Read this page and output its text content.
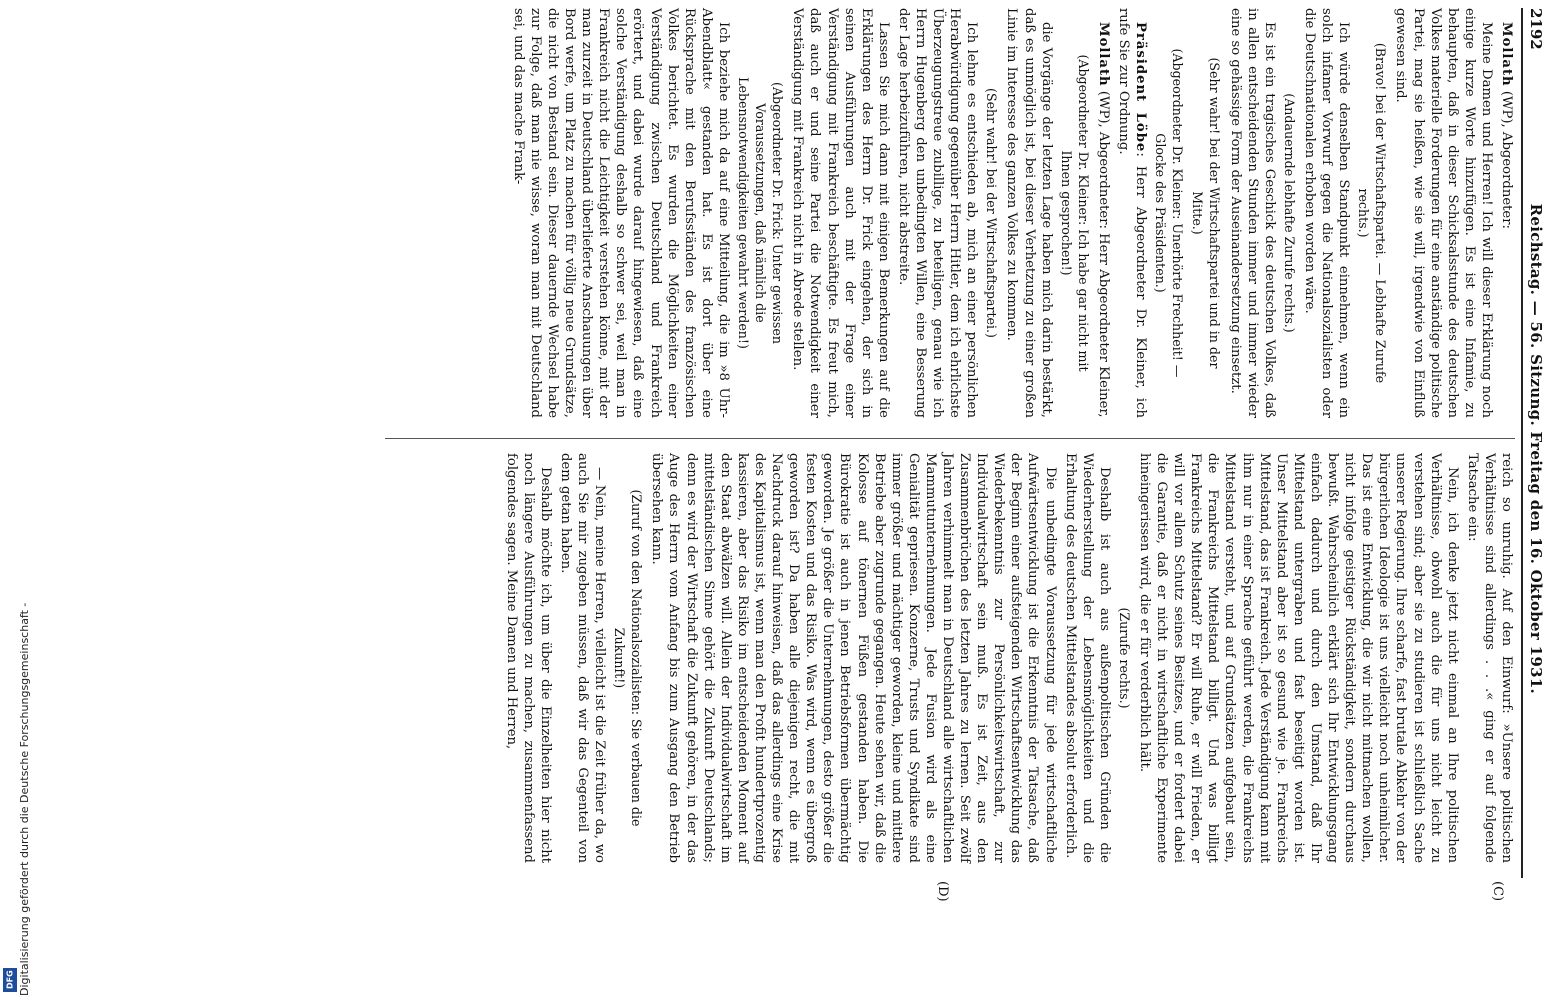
2192
Reichstag. — 56. Sitzung. Freitag den 16. Oktober 1931.
(C)
(D)

Mollath (WP), Abgeordneter:

Meine Damen und Herren! Ich will dieser Erklärung noch einige kurze Worte hinzufügen. Es ist eine Infamie, zu behaupten, daß in dieser Schicksalsstunde des deutschen Volkes materielle Forderungen für eine anständige politische Partei, mag sie heißen, wie sie will, irgendwie von Einfluß gewesen sind.

(Bravo! bei der Wirtschaftspartei. — Lebhafte Zurufe rechts.)

Ich würde denselben Standpunkt einnehmen, wenn ein solch infamer Vorwurf gegen die Nationalsozialisten oder die Deutschnationalen erhoben worden wäre.

(Andauernde lebhafte Zurufe rechts.)

Es ist ein tragisches Geschick des deutschen Volkes, daß in allen entscheidenden Stunden immer und immer wieder eine so gehässige Form der Auseinandersetzung einsetzt.

(Sehr wahr! bei der Wirtschaftspartei und in der Mitte.)

(Abgeordneter Dr. Kleiner: Unerhörte Frechheit! — Glocke des Präsidenten.)

Präsident Löbe: Herr Abgeordneter Dr. Kleiner, ich rufe Sie zur Ordnung.

Mollath (WP), Abgeordneter: Herr Abgeordneter Kleiner,

(Abgeordneter Dr. Kleiner: Ich habe gar nicht mit Ihnen gesprochen!)

die Vorgänge der letzten Lage haben mich darin bestärkt, daß es unmöglich ist, bei dieser Verhetzung zu einer großen Linie im Interesse des ganzen Volkes zu kommen.

(Sehr wahr! bei der Wirtschaftspartei.)

Ich lehne es entschieden ab, mich an einer persönlichen Herabwürdigung gegenüber Herrn Hitler, dem ich ehrlichste Überzeugungstreue zubillige, zu beteiligen, genau wie ich Herrn Hugenberg den unbedingten Willen, eine Besserung der Lage herbeizuführen, nicht abstreite.

Lassen Sie mich dann mit einigen Bemerkungen auf die Erklärungen des Herrn Dr. Frick eingehen, der sich in seinen Ausführungen auch mit der Frage einer Verständigung mit Frankreich beschäftigte. Es freut mich, daß auch er und seine Partei die Notwendigkeit einer Verständigung mit Frankreich nicht in Abrede stellen.

(Abgeordneter Dr. Frick: Unter gewissen Voraussetzungen, daß nämlich die Lebensnotwendigkeiten gewahrt werden!)

Ich beziehe mich da auf eine Mitteilung, die im »8 Uhr-Abendblatt« gestanden hat. Es ist dort über eine Rücksprache mit den Berufsständen des französischen Volkes berichtet. Es wurden die Möglichkeiten einer Verständigung zwischen Deutschland und Frankreich erörtert, und dabei wurde darauf hingewiesen, daß eine solche Verständigung deshalb so schwer sei, weil man in Frankreich nicht die Leichtigkeit verstehen könne, mit der man zurzeit in Deutschland überlieferte Anschauungen über Bord werfe, um Platz zu machen für völlig neue Grundsätze, die nicht von Bestand sein. Dieser dauernde Wechsel habe zur Folge, daß man nie wisse, woran man mit Deutschland sei, und das mache Frank-

reich so unruhig. Auf den Einwurf: »Unsere politischen Verhältnisse sind allerdings . . .« ging er auf folgende Tatsache ein:

Nein, ich denke jetzt nicht einmal an Ihre politischen Verhältnisse, obwohl auch die für uns nicht leicht zu verstehen sind; aber sie zu studieren ist schließlich Sache unserer Regierung. Ihre scharfe, fast brutale Abkehr von der bürgerlichen Ideologie ist uns vielleicht noch unheimlicher. Das ist eine Entwicklung, die wir nicht mitmachen wollen, nicht infolge geistiger Rückständigkeit, sondern durchaus bewußt. Wahrscheinlich erklärt sich Ihr Entwicklungsgang einfach dadurch und durch den Umstand, daß Ihr Mittelstand untergraben und fast beseitigt worden ist. Unser Mittelstand aber ist so gesund wie je. Frankreichs Mittelstand, das ist Frankreich. Jede Verständigung kann mit ihm nur in einer Sprache geführt werden, die Frankreichs Mittelstand versteht, und auf Grundsätzen aufgebaut sein, die Frankreichs Mittelstand billigt. Und was billigt Frankreichs Mittelstand? Er will Ruhe, er will Frieden, er will vor allem Schutz seines Besitzes, und er fordert dabei die Garantie, daß er nicht in wirtschaftliche Experimente hineingerissen wird, die er für verderblich hält.

(Zurufe rechts.)

Deshalb ist auch aus außenpolitischen Gründen die Wiederherstellung der Lebensmöglichkeiten und die Erhaltung des deutschen Mittelstandes absolut erforderlich.

Die unbedingte Voraussetzung für jede wirtschaftliche Aufwärtsentwicklung ist die Erkenntnis der Tatsache, daß der Beginn einer aufsteigenden Wirtschaftsentwicklung das Wiederbekenntnis zur Persönlichkeitswirtschaft, zur Individualwirtschaft sein muß. Es ist Zeit, aus den Zusammenbrüchen des letzten Jahres zu lernen. Seit zwölf Jahren verhimmelt man in Deutschland alle wirtschaftlichen Mammutunternehmungen. Jede Fusion wird als eine Genialität gepriesen. Konzerne, Trusts und Syndikate sind immer größer und mächtiger geworden, kleine und mittlere Betriebe aber zugrunde gegangen. Heute sehen wir, daß die Kolosse auf tönernen Füßen gestanden haben. Die Bürokratie ist auch in jenen Betriebsformen übermächtig geworden. Je größer die Unternehmungen, desto größer die festen Kosten und das Risiko. Was wird, wenn es übergroß geworden ist? Da haben alle diejenigen recht, die mit Nachdruck darauf hinweisen, daß das allerdings eine Krise des Kapitalismus ist, wenn man den Profit hundertprozentig kassieren, aber das Risiko im entscheidenden Moment auf den Staat abwälzen will. Allein der Individualwirtschaft im mittelständischen Sinne gehört die Zukunft Deutschlands; denn es wird der Wirtschaft die Zukunft gehören, in der das Auge des Herrn vom Anfang bis zum Ausgang den Betrieb übersehen kann.

(Zuruf von den Nationalsozialisten: Sie verbauen die Zukunft!)

— Nein, meine Herren, vielleicht ist die Zeit früher da, wo auch Sie mir zugeben müssen, daß wir das Gegenteil von dem getan haben.

Deshalb möchte ich, um über die Einzelheiten hier nicht noch längere Ausführungen zu machen, zusammenfassend folgendes sagen. Meine Damen und Herren,

Digitalisierung gefördert durch die Deutsche Forschungsgemeinschaft -
DFG
